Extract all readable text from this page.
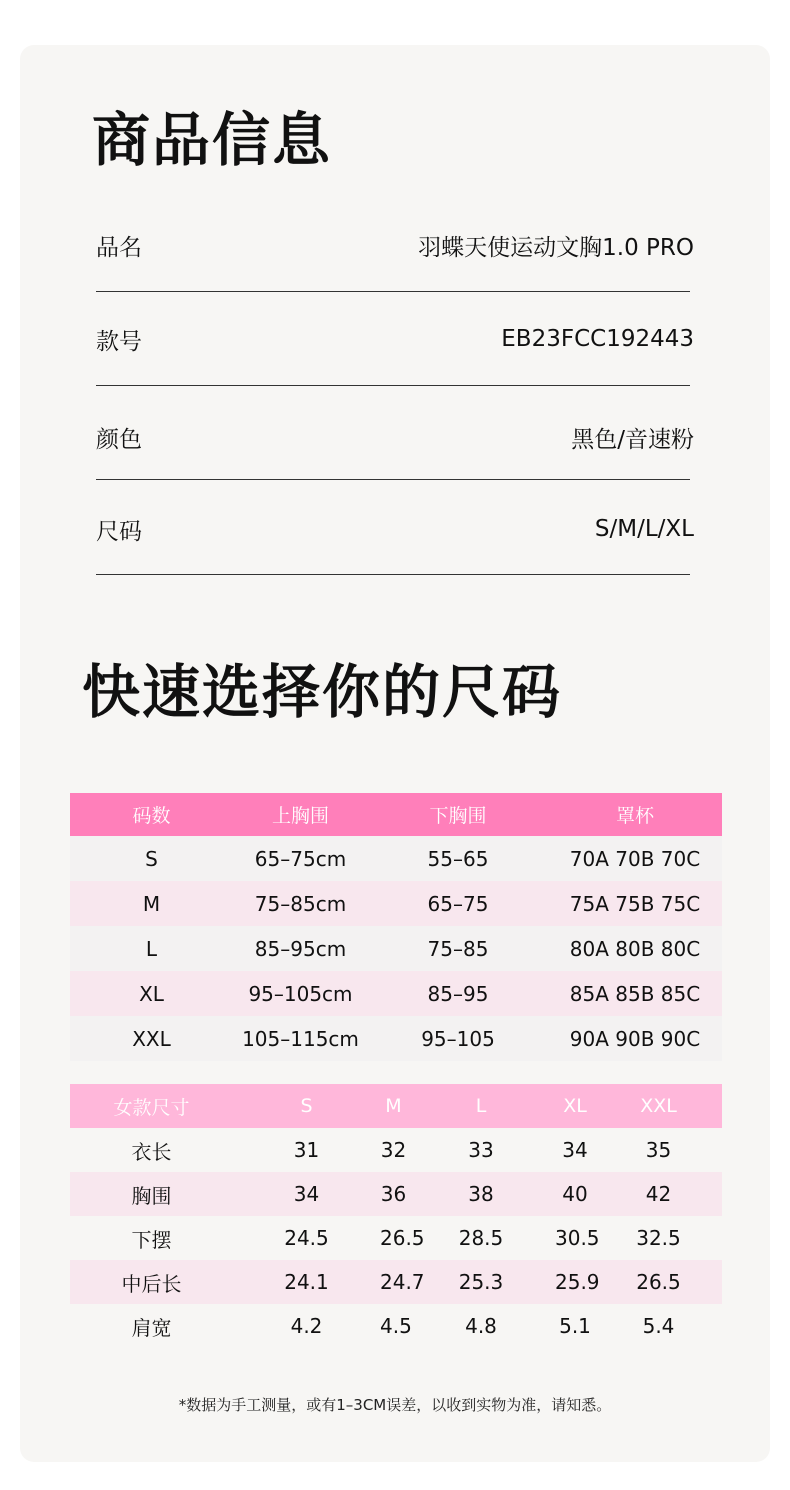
商品信息
品名	羽蝶天使运动文胸1.0 PRO
款号	EB23FCC192443
颜色	黑色/音速粉
尺码	S/M/L/XL
快速选择你的尺码
码数	上胸围	下胸围	罩杯
S	65–75cm	55–65	70A 70B 70C
M	75–85cm	65–75	75A 75B 75C
L	85–95cm	75–85	80A 80B 80C
XL	95–105cm	85–95	85A 85B 85C
XXL	105–115cm	95–105	90A 90B 90C
女款尺寸	S	M	L	XL	XXL
衣长	31	32	33	34	35
胸围	34	36	38	40	42
下摆	24.5	26.5	28.5	30.5	32.5
中后长	24.1	24.7	25.3	25.9	26.5
肩宽	4.2	4.5	4.8	5.1	5.4
*数据为手工测量，或有1–3CM误差，以收到实物为准，请知悉。
